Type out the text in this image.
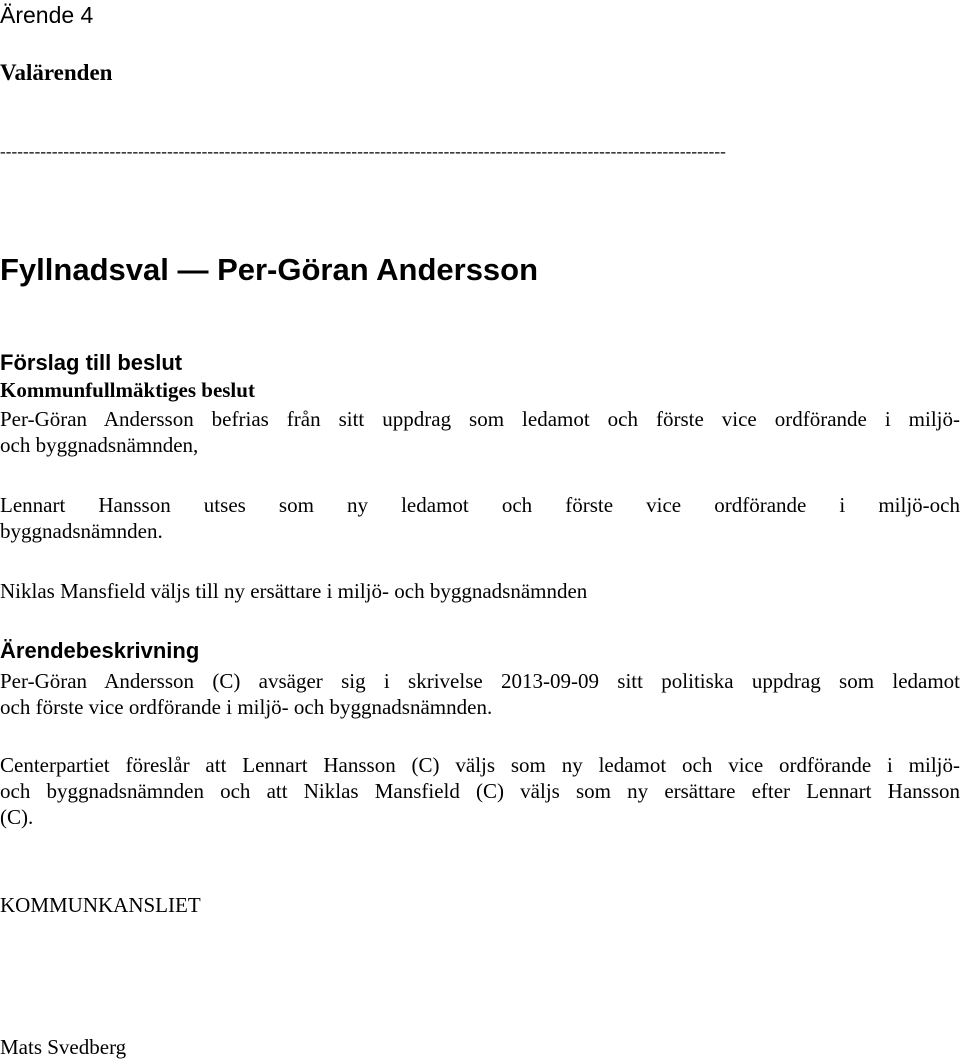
Ärende 4
Valärenden
------------------------------------------------------------------------------------------------------------------------------
Fyllnadsval — Per-Göran Andersson
Förslag till beslut
Kommunfullmäktiges beslut
Per-Göran Andersson befrias från sitt uppdrag som ledamot och förste vice ordförande i miljö-
och byggnadsnämnden,
Lennart Hansson utses som ny ledamot och förste vice ordförande i miljö-och
byggnadsnämnden.
Niklas Mansfield väljs till ny ersättare i miljö- och byggnadsnämnden
Ärendebeskrivning
Per-Göran Andersson (C) avsäger sig i skrivelse 2013-09-09 sitt politiska uppdrag som ledamot
och förste vice ordförande i miljö- och byggnadsnämnden.
Centerpartiet föreslår att Lennart Hansson (C) väljs som ny ledamot och vice ordförande i miljö-
och byggnadsnämnden och att Niklas Mansfield (C) väljs som ny ersättare efter Lennart Hansson
(C).
KOMMUNKANSLIET
Mats Svedberg
